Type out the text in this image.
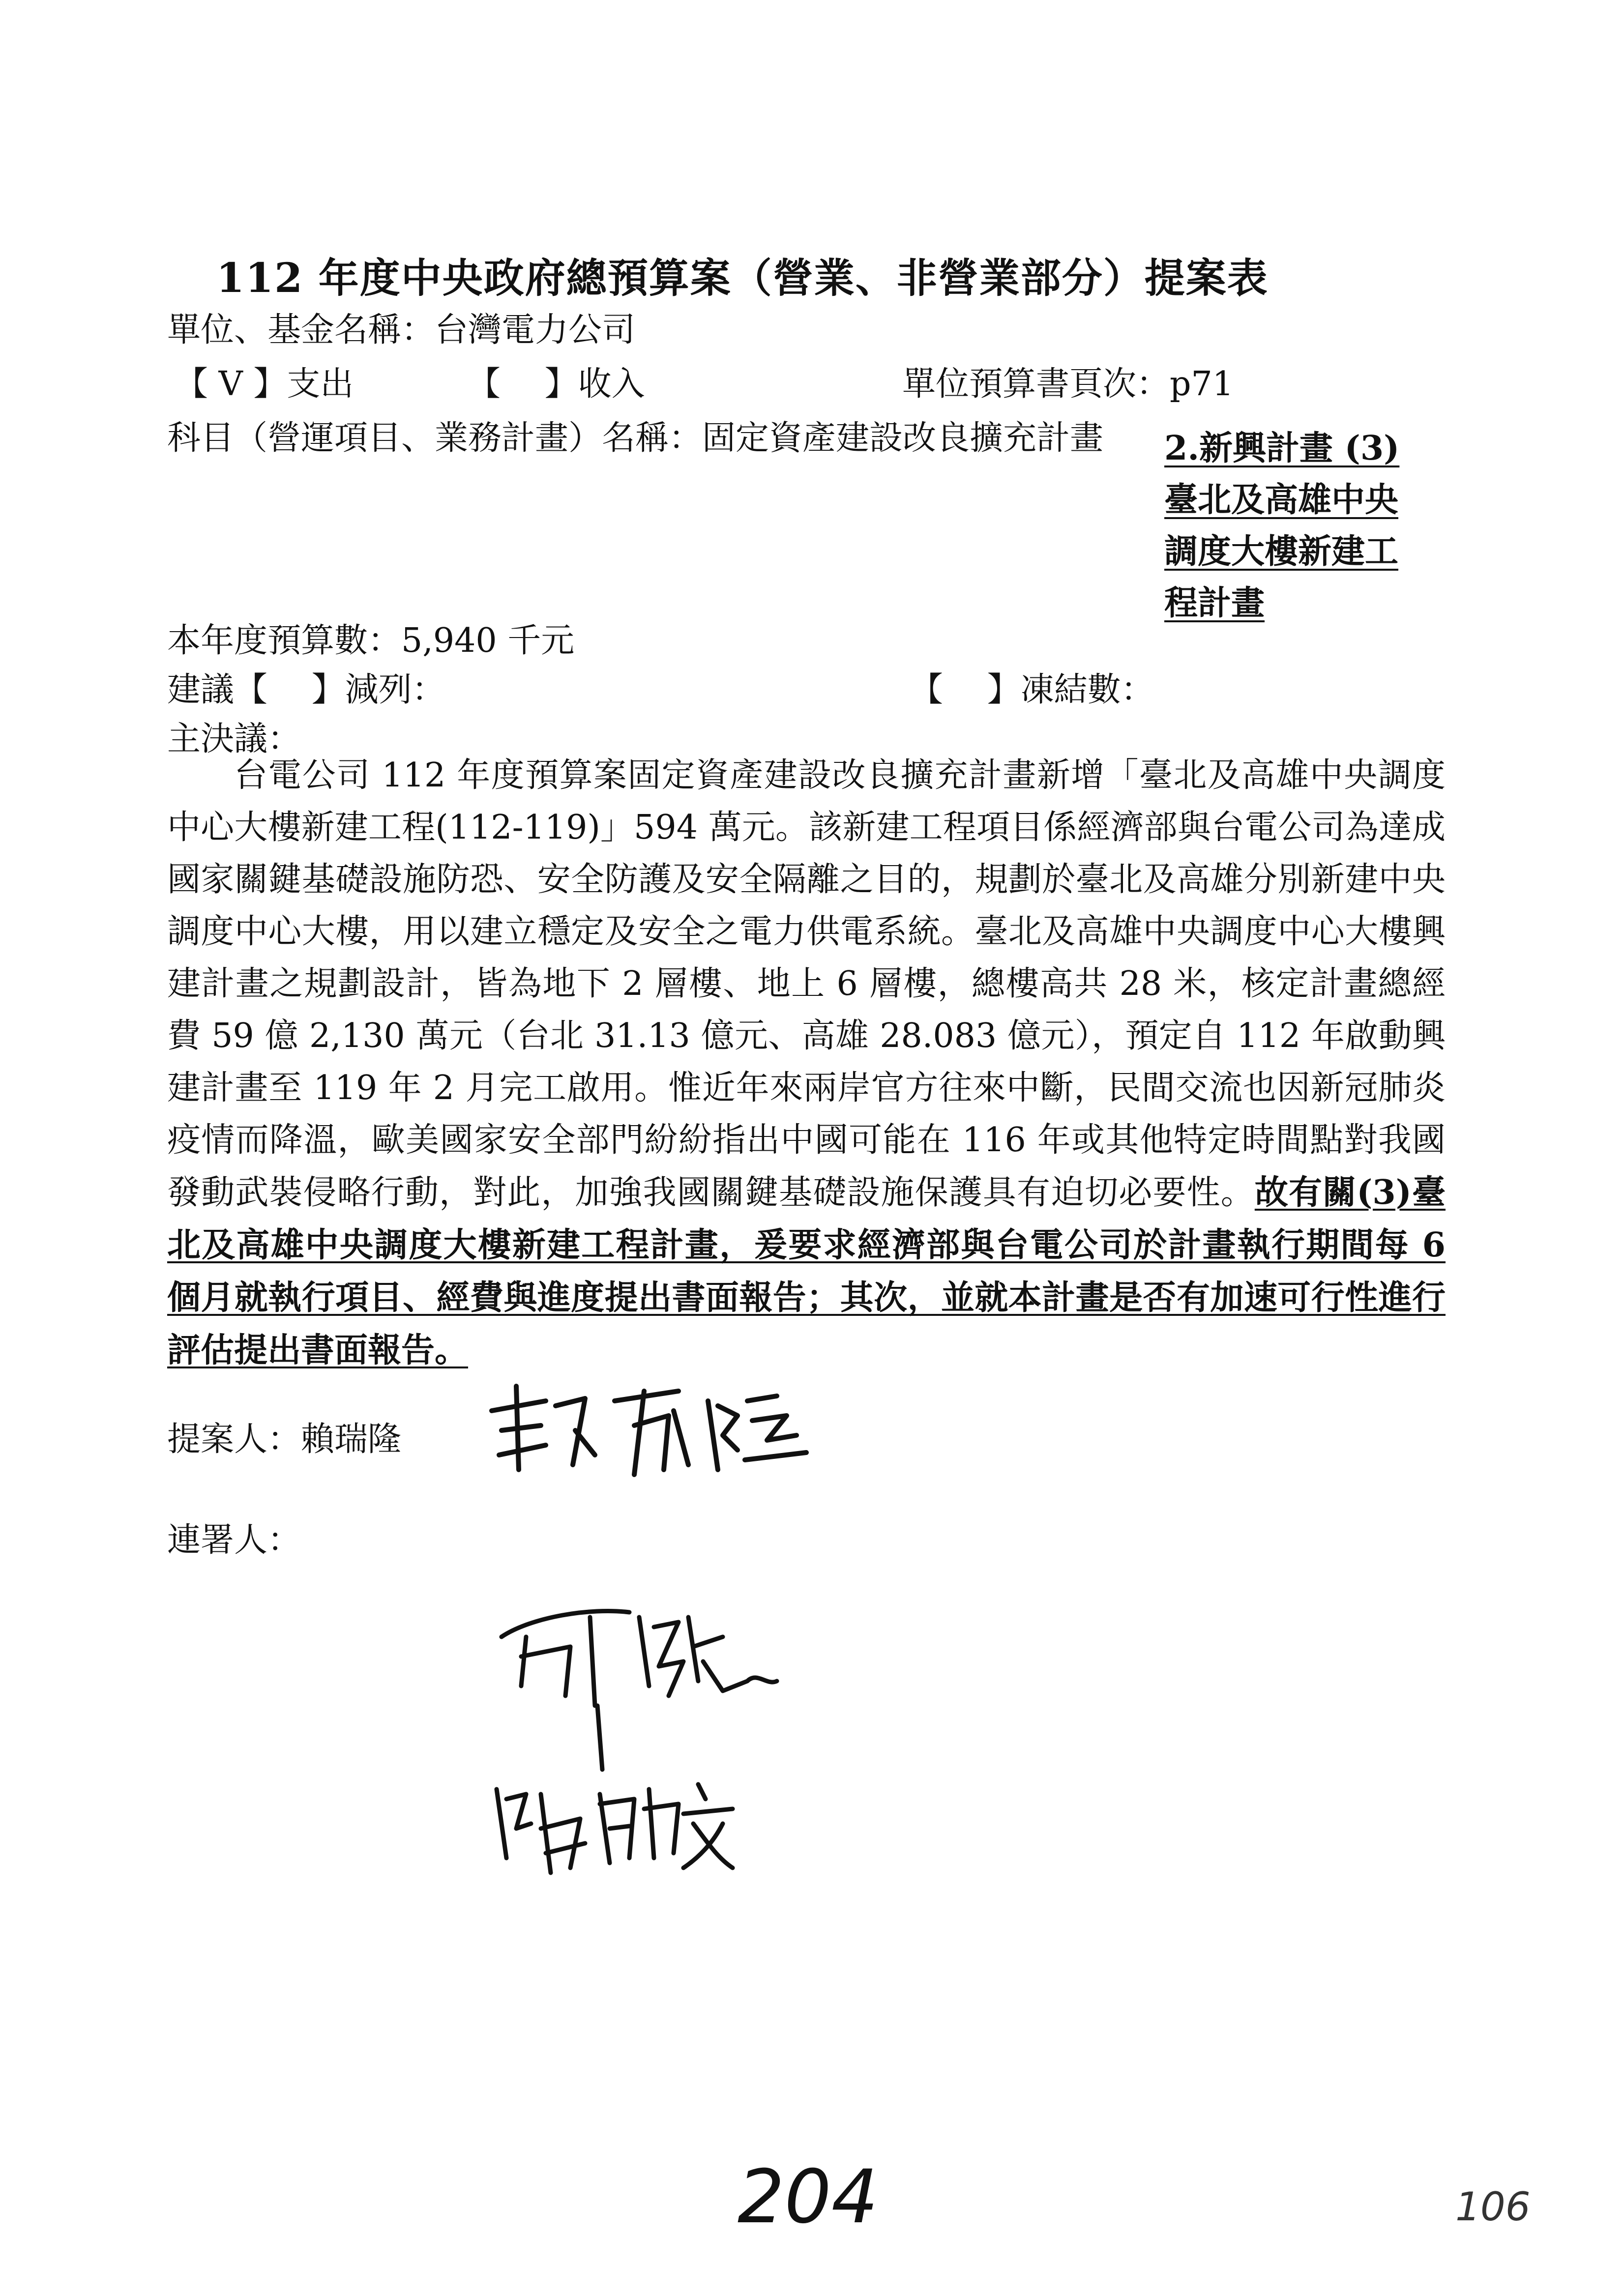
112 年度中央政府總預算案（營業、非營業部分）提案表
單位、基金名稱：台灣電力公司
【 V 】支出	【　 】收入	單位預算書頁次：p71
科目（營運項目、業務計畫）名稱：固定資產建設改良擴充計畫 2.新興計畫 (3)
臺北及高雄中央
調度大樓新建工
程計畫
本年度預算數：5,940 千元
建議【　 】減列：	【　 】凍結數：
主決議：
台電公司 112 年度預算案固定資產建設改良擴充計畫新增「臺北及高雄中央調度中心大樓新建工程(112-119)」594 萬元。該新建工程項目係經濟部與台電公司為達成國家關鍵基礎設施防恐、安全防護及安全隔離之目的，規劃於臺北及高雄分別新建中央調度中心大樓，用以建立穩定及安全之電力供電系統。臺北及高雄中央調度中心大樓興建計畫之規劃設計，皆為地下 2 層樓、地上 6 層樓，總樓高共 28 米，核定計畫總經費 59 億 2,130 萬元（台北 31.13 億元、高雄 28.083 億元），預定自 112 年啟動興建計畫至 119 年 2 月完工啟用。惟近年來兩岸官方往來中斷，民間交流也因新冠肺炎疫情而降溫，歐美國家安全部門紛紛指出中國可能在 116 年或其他特定時間點對我國發動武裝侵略行動，對此，加強我國關鍵基礎設施保護具有迫切必要性。故有關(3)臺北及高雄中央調度大樓新建工程計畫，爰要求經濟部與台電公司於計畫執行期間每 6 個月就執行項目、經費與進度提出書面報告；其次，並就本計畫是否有加速可行性進行評估提出書面報告。
提案人：賴瑞隆
連署人：
204	106
